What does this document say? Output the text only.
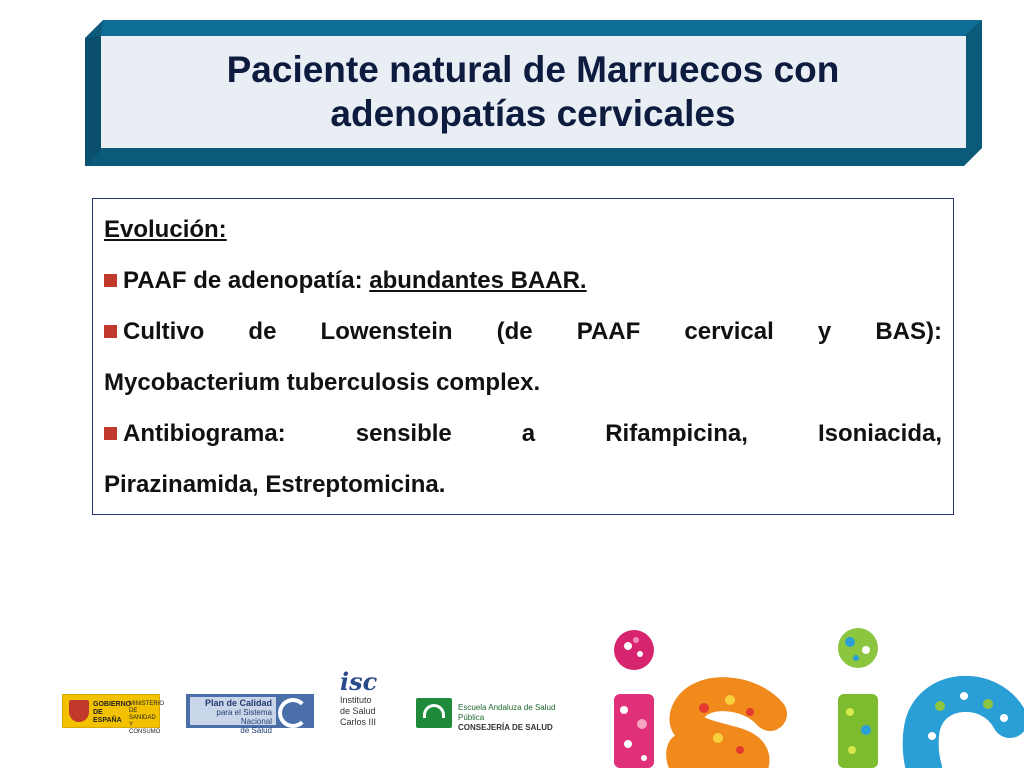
Paciente natural de Marruecos con
adenopatías cervicales
Evolución:
PAAF de adenopatía: abundantes BAAR.
Cultivo de Lowenstein (de PAAF cervical y BAS):
Mycobacterium tuberculosis complex.
Antibiograma: sensible a Rifampicina, Isoniacida,
Pirazinamida, Estreptomicina.
GOBIERNO DE ESPAÑA
MINISTERIO DE SANIDAD Y CONSUMO
Plan de Calidad
para el Sistema Nacional
de Salud
isc
Instituto
de Salud
Carlos III
Escuela Andaluza de Salud Pública
CONSEJERÍA DE SALUD
